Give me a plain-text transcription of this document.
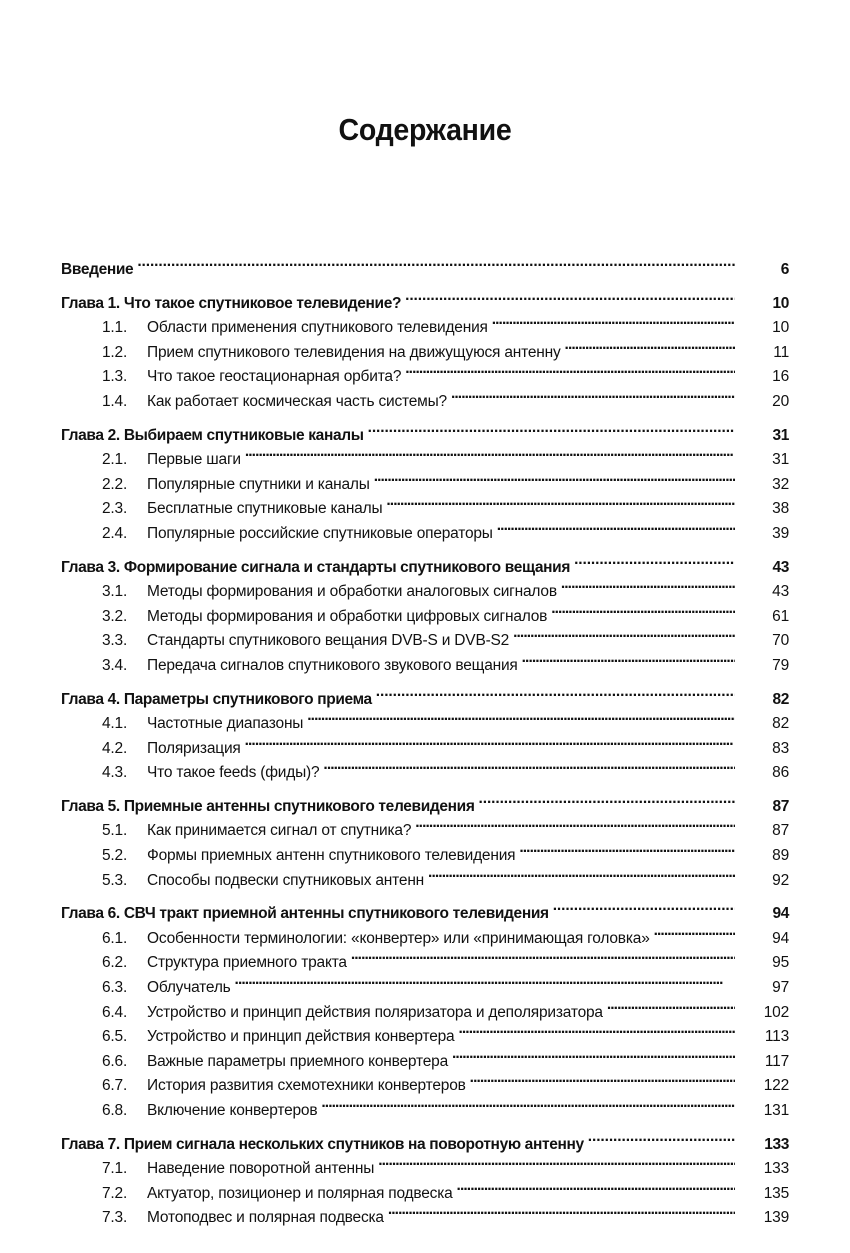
Содержание
Введение . . .	6
Глава 1. Что такое спутниковое телевидение? . . .	10
1.1.	Области применения спутникового телевидения . . .	10
1.2.	Прием спутникового телевидения на движущуюся антенну . . .	11
1.3.	Что такое геостационарная орбита? . . .	16
1.4.	Как работает космическая часть системы? . . .	20
Глава 2. Выбираем спутниковые каналы . . .	31
2.1.	Первые шаги . . .	31
2.2.	Популярные спутники и каналы . . .	32
2.3.	Бесплатные спутниковые каналы . . .	38
2.4.	Популярные российские спутниковые операторы . . .	39
Глава 3. Формирование сигнала и стандарты спутникового вещания . . .	43
3.1.	Методы формирования и обработки аналоговых сигналов . . .	43
3.2.	Методы формирования и обработки цифровых сигналов . . .	61
3.3.	Стандарты спутникового вещания DVB-S и DVB-S2 . . .	70
3.4.	Передача сигналов спутникового звукового вещания . . .	79
Глава 4. Параметры спутникового приема . . .	82
4.1.	Частотные диапазоны . . .	82
4.2.	Поляризация . . .	83
4.3.	Что такое feeds (фиды)? . . .	86
Глава 5. Приемные антенны спутникового телевидения . . .	87
5.1.	Как принимается сигнал от спутника? . . .	87
5.2.	Формы приемных антенн спутникового телевидения . . .	89
5.3.	Способы подвески спутниковых антенн . . .	92
Глава 6. СВЧ тракт приемной антенны спутникового телевидения . . .	94
6.1.	Особенности терминологии: «конвертер» или «принимающая головка» . . .	94
6.2.	Структура приемного тракта . . .	95
6.3.	Облучатель . . .	97
6.4.	Устройство и принцип действия поляризатора и деполяризатора . . .	102
6.5.	Устройство и принцип действия конвертера . . .	113
6.6.	Важные параметры приемного конвертера . . .	117
6.7.	История развития схемотехники конвертеров . . .	122
6.8.	Включение конвертеров . . .	131
Глава 7. Прием сигнала нескольких спутников на поворотную антенну . . .	133
7.1.	Наведение поворотной антенны . . .	133
7.2.	Актуатор, позиционер и полярная подвеска . . .	135
7.3.	Мотоподвес и полярная подвеска . . .	139
